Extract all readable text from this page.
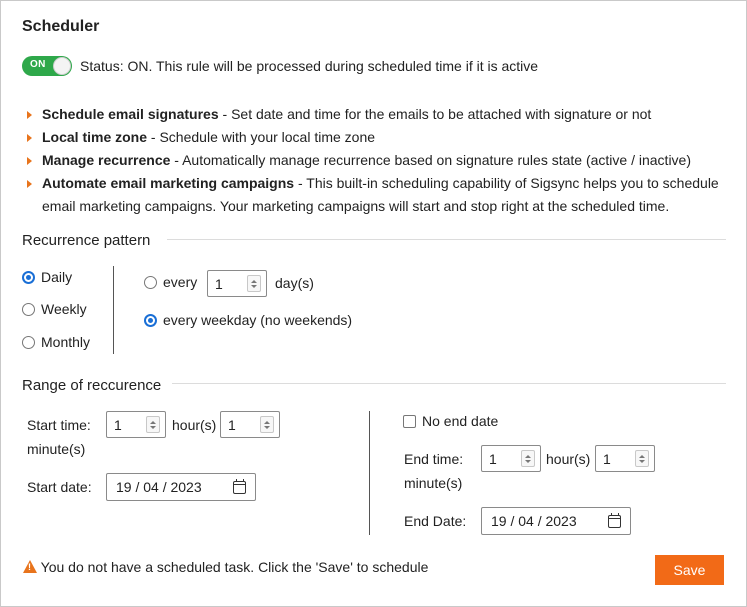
Scheduler
ON Status: ON. This rule will be processed during scheduled time if it is active
Schedule email signatures - Set date and time for the emails to be attached with signature or not
Local time zone - Schedule with your local time zone
Manage recurrence - Automatically manage recurrence based on signature rules state (active / inactive)
Automate email marketing campaigns - This built-in scheduling capability of Sigsync helps you to schedule email marketing campaigns. Your marketing campaigns will start and stop right at the scheduled time.
Recurrence pattern
Daily
Weekly
Monthly
every 1	day(s)
every weekday (no weekends)
Range of reccurence
Start time: 1	hour(s) 1
minute(s)
Start date: 19 / 04 / 2023
No end date
End time: 1	hour(s) 1
minute(s)
End Date: 19 / 04 / 2023
! You do not have a scheduled task. Click the 'Save' to schedule	Save
